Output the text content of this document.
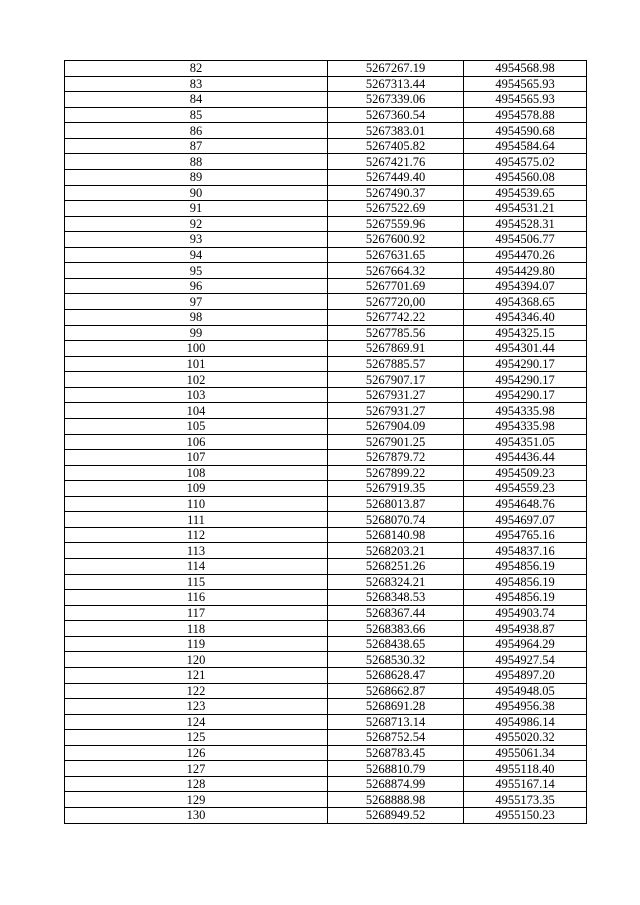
82	5267267.19	4954568.98
83	5267313.44	4954565.93
84	5267339.06	4954565.93
85	5267360.54	4954578.88
86	5267383.01	4954590.68
87	5267405.82	4954584.64
88	5267421.76	4954575.02
89	5267449.40	4954560.08
90	5267490.37	4954539.65
91	5267522.69	4954531.21
92	5267559.96	4954528.31
93	5267600.92	4954506.77
94	5267631.65	4954470.26
95	5267664.32	4954429.80
96	5267701.69	4954394.07
97	5267720,00	4954368.65
98	5267742.22	4954346.40
99	5267785.56	4954325.15
100	5267869.91	4954301.44
101	5267885.57	4954290.17
102	5267907.17	4954290.17
103	5267931.27	4954290.17
104	5267931.27	4954335.98
105	5267904.09	4954335.98
106	5267901.25	4954351.05
107	5267879.72	4954436.44
108	5267899.22	4954509.23
109	5267919.35	4954559.23
110	5268013.87	4954648.76
111	5268070.74	4954697.07
112	5268140.98	4954765.16
113	5268203.21	4954837.16
114	5268251.26	4954856.19
115	5268324.21	4954856.19
116	5268348.53	4954856.19
117	5268367.44	4954903.74
118	5268383.66	4954938.87
119	5268438.65	4954964.29
120	5268530.32	4954927.54
121	5268628.47	4954897.20
122	5268662.87	4954948.05
123	5268691.28	4954956.38
124	5268713.14	4954986.14
125	5268752.54	4955020.32
126	5268783.45	4955061.34
127	5268810.79	4955118.40
128	5268874.99	4955167.14
129	5268888.98	4955173.35
130	5268949.52	4955150.23
